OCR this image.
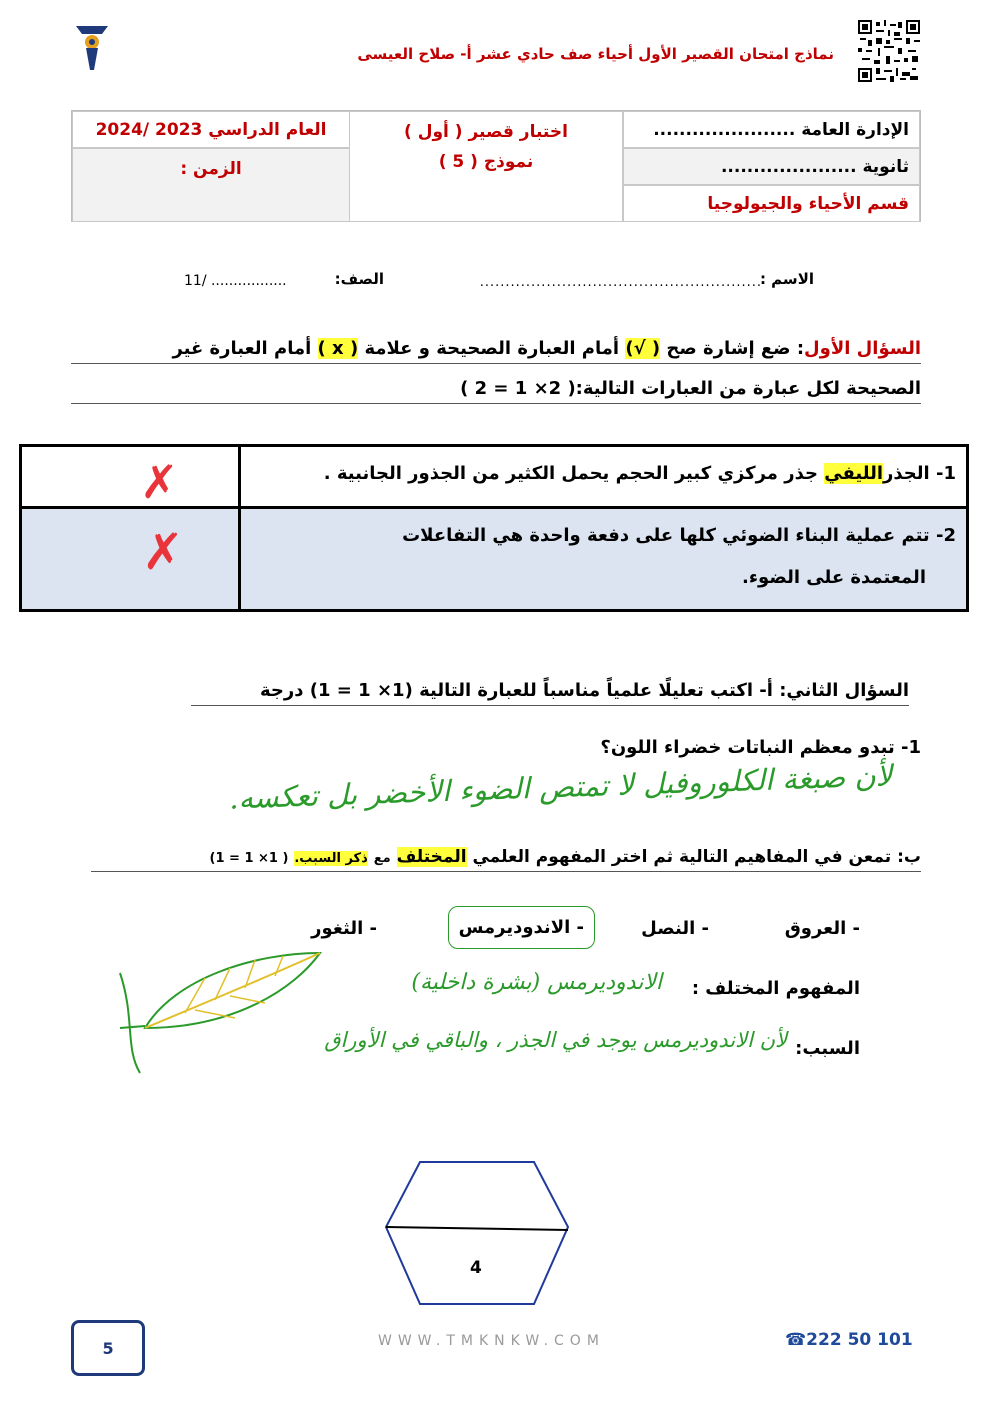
نماذج امتحان القصير الأول أحياء صف حادي عشر أ- صلاح العيسى
الإدارة العامة ......................
ثانوية .....................
قسم الأحياء والجيولوجيا
اختبار قصير ( أول )
نموذج ( 5 )
العام الدراسي 2023 /2024
الزمن :
الاسم :
.......................................................
الصف:
11/ .................
السؤال الأول: ضع إشارة صح ( √) أمام العبارة الصحيحة و علامة ( x ) أمام العبارة غير
الصحيحة لكل عبارة من العبارات التالية:( 2× 1 = 2 )
1- الجذرالليفي جذر مركزي كبير الحجم يحمل الكثير من الجذور الجانبية .
✗
2- تتم عملية البناء الضوئي كلها على دفعة واحدة هي التفاعلات
المعتمدة على الضوء.
✗
السؤال الثاني: أ- اكتب تعليلًا علمياً مناسباً للعبارة التالية (1× 1 = 1) درجة
1- تبدو معظم النباتات خضراء اللون؟
لأن صبغة الكلوروفيل لا تمتص الضوء الأخضر بل تعكسه.
ب: تمعن في المفاهيم التالية ثم اختر المفهوم العلمي المختلف مع ذكر السبب. ( 1× 1 = 1)
- العروق
- النصل
- الاندوديرمس
- الثغور
المفهوم المختلف :
الاندوديرمس (بشرة داخلية)
السبب:
لأن الاندوديرمس يوجد في الجذر ، والباقي في الأوراق
4
5	WWW.TMKNKW.COM	☎222 50 101
